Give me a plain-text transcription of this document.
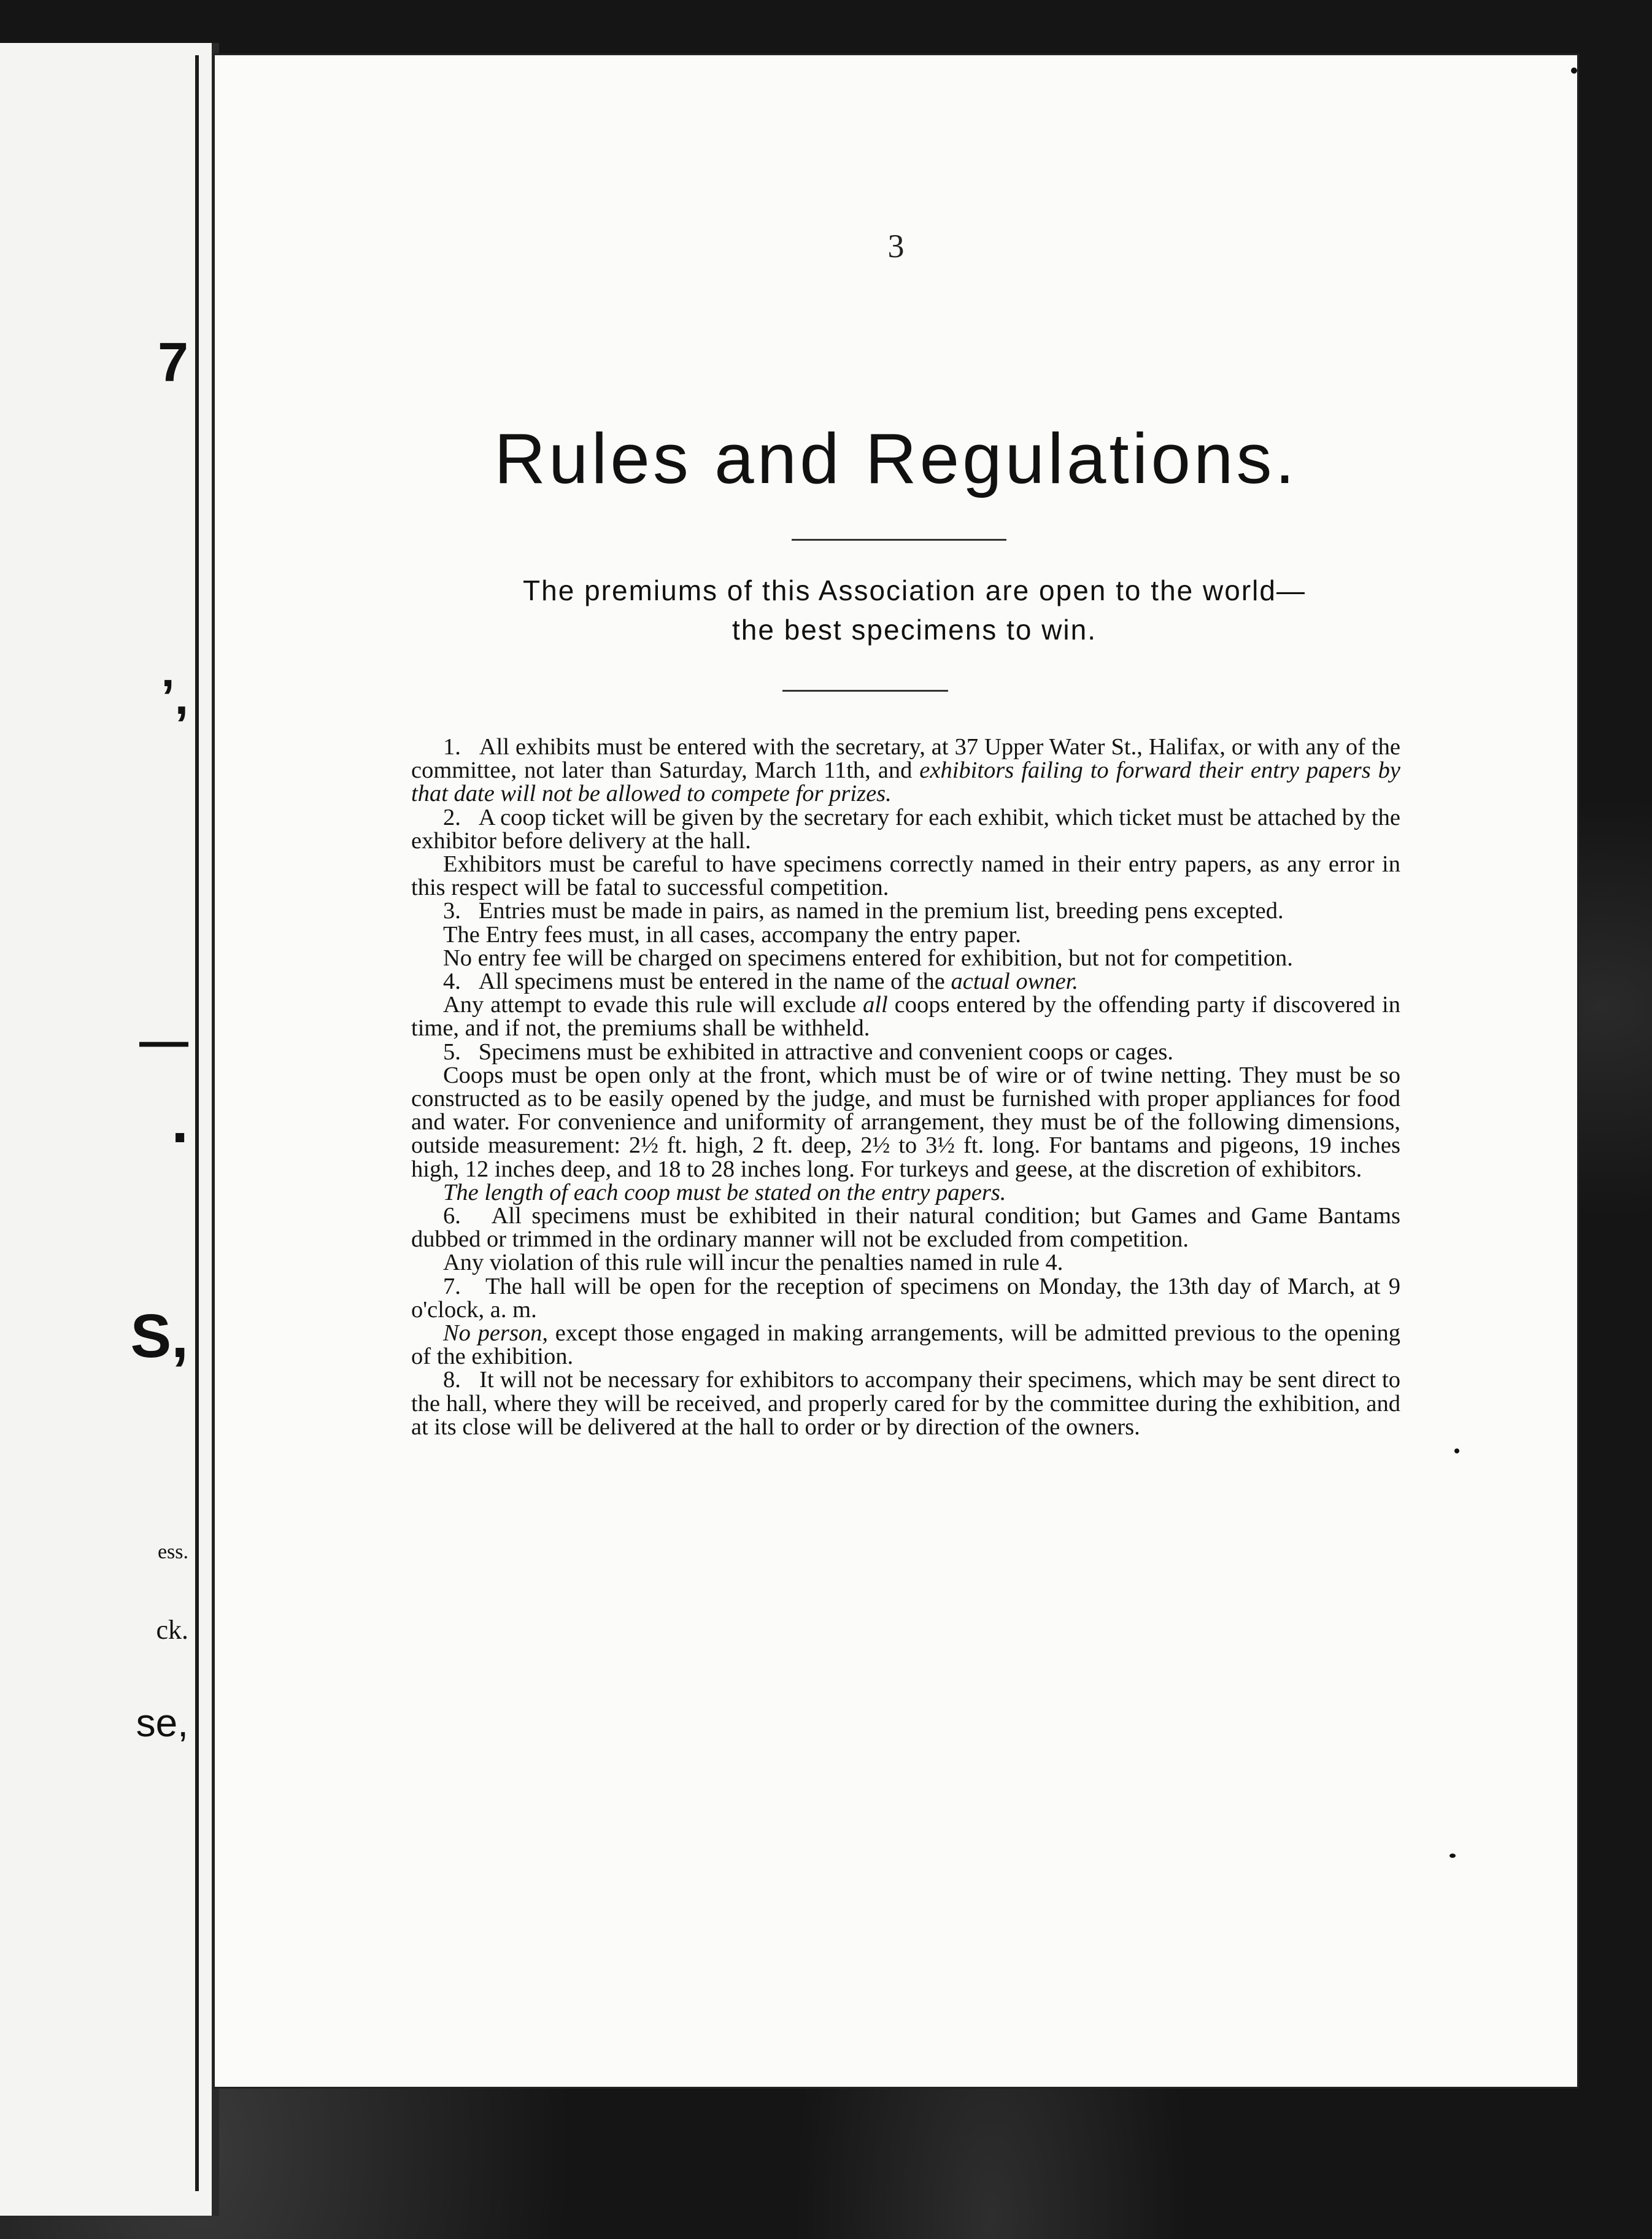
7
’,
—
.
S,
ess.
ck.
se,
3
Rules and Regulations.
The premiums of this Association are open to the world—
the best specimens to win.

1. All exhibits must be entered with the secretary, at 37 Upper Water St., Halifax, or with any of the committee, not later than Saturday, March 11th, and exhibitors failing to forward their entry papers by that date will not be allowed to compete for prizes.

2. A coop ticket will be given by the secretary for each exhibit, which ticket must be attached by the exhibitor before delivery at the hall.

Exhibitors must be careful to have specimens correctly named in their entry papers, as any error in this respect will be fatal to successful competition.

3. Entries must be made in pairs, as named in the premium list, breeding pens excepted.

The Entry fees must, in all cases, accompany the entry paper.

No entry fee will be charged on specimens entered for exhibition, but not for competition.

4. All specimens must be entered in the name of the actual owner.

Any attempt to evade this rule will exclude all coops entered by the offending party if discovered in time, and if not, the premiums shall be withheld.

5. Specimens must be exhibited in attractive and convenient coops or cages.

Coops must be open only at the front, which must be of wire or of twine netting. They must be so constructed as to be easily opened by the judge, and must be furnished with proper appliances for food and water. For convenience and uniformity of arrangement, they must be of the following dimensions, outside measurement: 2½ ft. high, 2 ft. deep, 2½ to 3½ ft. long. For bantams and pigeons, 19 inches high, 12 inches deep, and 18 to 28 inches long. For turkeys and geese, at the discretion of exhibitors.

The length of each coop must be stated on the entry papers.

6. All specimens must be exhibited in their natural condition; but Games and Game Bantams dubbed or trimmed in the ordinary manner will not be excluded from competition.

Any violation of this rule will incur the penalties named in rule 4.

7. The hall will be open for the reception of specimens on Monday, the 13th day of March, at 9 o'clock, a. m.

No person, except those engaged in making arrangements, will be admitted previous to the opening of the exhibition.

8. It will not be necessary for exhibitors to accompany their specimens, which may be sent direct to the hall, where they will be received, and properly cared for by the committee during the exhibition, and at its close will be delivered at the hall to order or by direction of the owners.
